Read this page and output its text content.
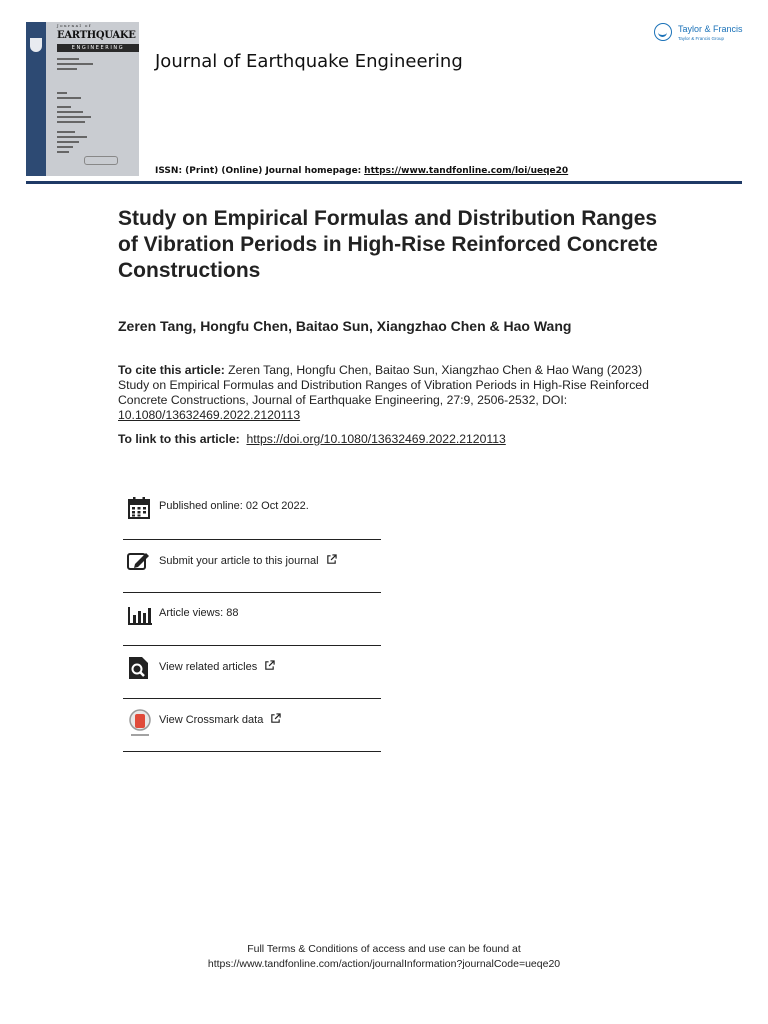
Journal of
EARTHQUAKE
ENGINEERING
Journal of Earthquake Engineering
Taylor & Francis
Taylor & Francis Group
ISSN: (Print) (Online) Journal homepage: https://www.tandfonline.com/loi/ueqe20
Study on Empirical Formulas and Distribution Ranges of Vibration Periods in High-Rise Reinforced Concrete Constructions

Zeren Tang, Hongfu Chen, Baitao Sun, Xiangzhao Chen & Hao Wang

To cite this article: Zeren Tang, Hongfu Chen, Baitao Sun, Xiangzhao Chen & Hao Wang (2023) Study on Empirical Formulas and Distribution Ranges of Vibration Periods in High-Rise Reinforced Concrete Constructions, Journal of Earthquake Engineering, 27:9, 2506-2532, DOI: 10.1080/13632469.2022.2120113
To link to this article: https://doi.org/10.1080/13632469.2022.2120113
Published online: 02 Oct 2022.
Submit your article to this journal
Article views: 88
View related articles
View Crossmark data
Full Terms & Conditions of access and use can be found at
https://www.tandfonline.com/action/journalInformation?journalCode=ueqe20
